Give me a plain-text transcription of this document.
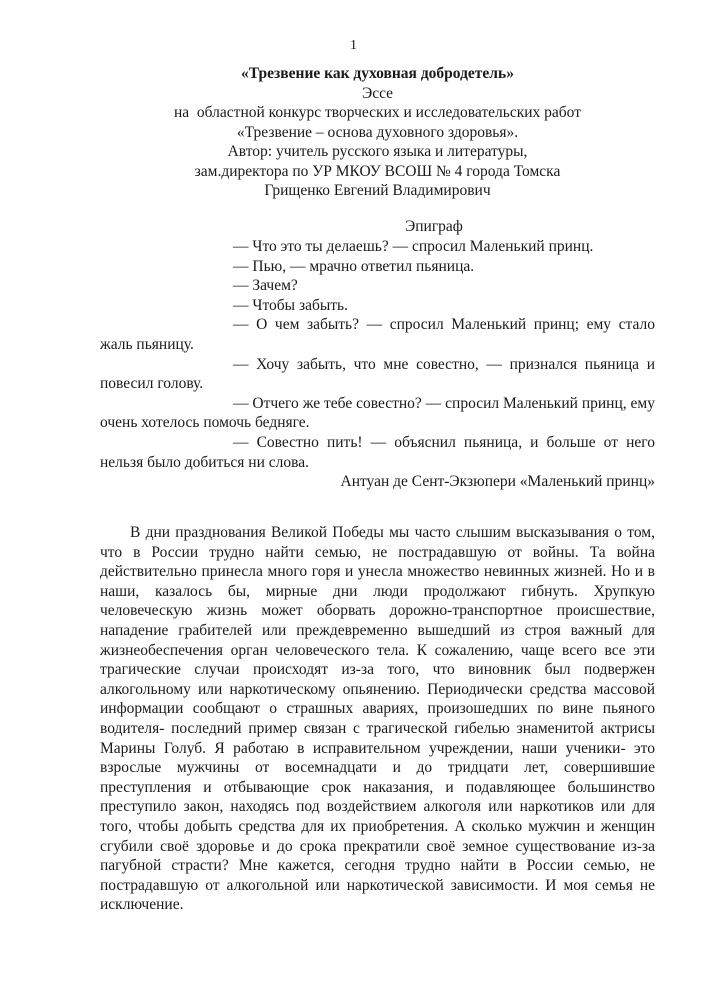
1
«Трезвение как духовная добродетель»
Эссе
на  областной конкурс творческих и исследовательских работ
«Трезвение – основа духовного здоровья».
Автор: учитель русского языка и литературы,
зам.директора по УР МКОУ ВСОШ № 4 города Томска
Грищенко Евгений Владимирович
Эпиграф

— Что это ты делаешь? — спросил Маленький принц.

— Пью, — мрачно ответил пьяница.

— Зачем?

— Чтобы забыть.

— О чем забыть? — спросил Маленький принц; ему стало жаль пьяницу.

— Хочу забыть, что мне совестно, — признался пьяница и повесил голову.

— Отчего же тебе совестно? — спросил Маленький принц, ему очень хотелось помочь бедняге.

— Совестно пить! — объяснил пьяница, и больше от него нельзя было добиться ни слова.

Антуан де Сент-Экзюпери «Маленький принц»

В дни празднования Великой Победы мы часто слышим высказывания о том, что в России трудно найти семью, не пострадавшую от войны. Та война действительно принесла много горя и унесла множество невинных жизней. Но и в наши, казалось бы, мирные дни люди продолжают гибнуть. Хрупкую человеческую жизнь может оборвать дорожно-транспортное происшествие, нападение грабителей или преждевременно вышедший из строя важный для жизнеобеспечения орган человеческого тела. К сожалению, чаще всего все эти трагические случаи происходят из-за того, что виновник был подвержен алкогольному или наркотическому опьянению. Периодически средства массовой информации сообщают о страшных авариях, произошедших по вине пьяного водителя- последний пример связан с трагической гибелью знаменитой актрисы Марины Голуб. Я работаю в исправительном учреждении, наши ученики- это взрослые мужчины от восемнадцати и до тридцати лет, совершившие преступления и отбывающие срок наказания, и подавляющее большинство преступило закон, находясь под воздействием алкоголя или наркотиков или для того, чтобы добыть средства для их приобретения. А сколько мужчин и женщин сгубили своё здоровье и до срока прекратили своё земное существование из-за пагубной страсти? Мне кажется, сегодня трудно найти в России семью, не пострадавшую от алкогольной или наркотической зависимости. И моя семья не исключение.
